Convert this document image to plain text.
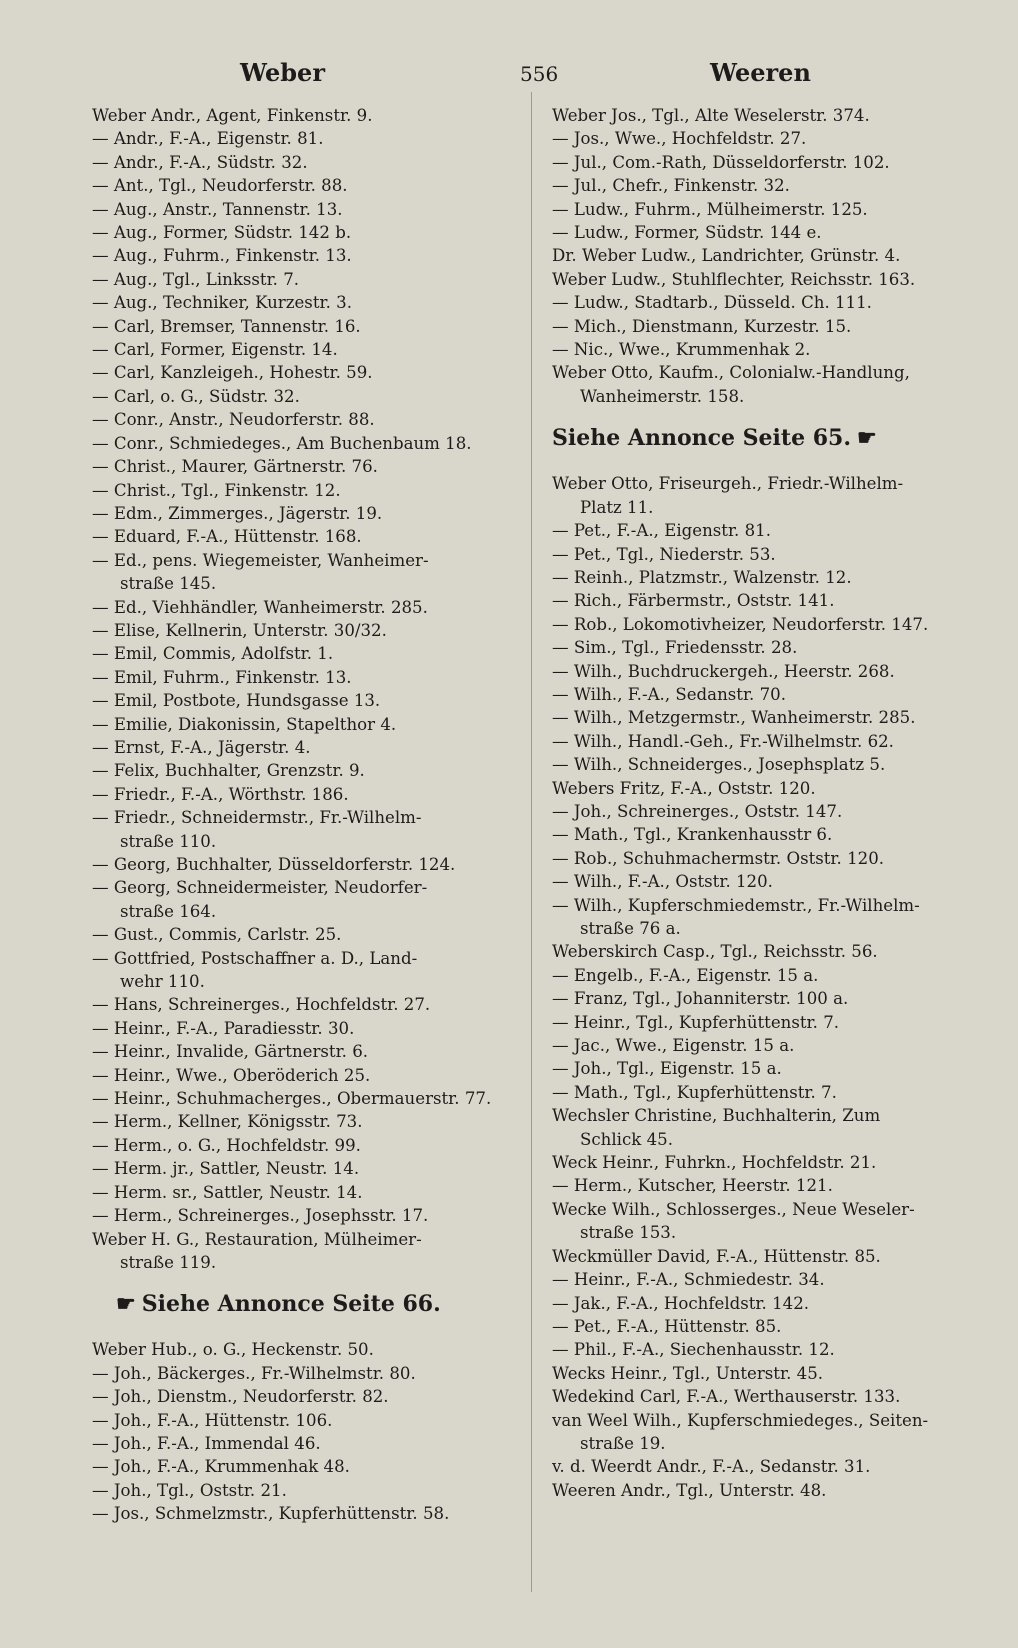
Weber	556	Weeren
Weber Andr., Agent, Finkenstr. 9.
— Andr., F.-A., Eigenstr. 81.
— Andr., F.-A., Südstr. 32.
— Ant., Tgl., Neudorferstr. 88.
— Aug., Anstr., Tannenstr. 13.
— Aug., Former, Südstr. 142 b.
— Aug., Fuhrm., Finkenstr. 13.
— Aug., Tgl., Linksstr. 7.
— Aug., Techniker, Kurzestr. 3.
— Carl, Bremser, Tannenstr. 16.
— Carl, Former, Eigenstr. 14.
— Carl, Kanzleigeh., Hohestr. 59.
— Carl, o. G., Südstr. 32.
— Conr., Anstr., Neudorferstr. 88.
— Conr., Schmiedeges., Am Buchenbaum 18.
— Christ., Maurer, Gärtnerstr. 76.
— Christ., Tgl., Finkenstr. 12.
— Edm., Zimmerges., Jägerstr. 19.
— Eduard, F.-A., Hüttenstr. 168.
— Ed., pens. Wiegemeister, Wanheimer-
straße 145.
— Ed., Viehhändler, Wanheimerstr. 285.
— Elise, Kellnerin, Unterstr. 30/32.
— Emil, Commis, Adolfstr. 1.
— Emil, Fuhrm., Finkenstr. 13.
— Emil, Postbote, Hundsgasse 13.
— Emilie, Diakonissin, Stapelthor 4.
— Ernst, F.-A., Jägerstr. 4.
— Felix, Buchhalter, Grenzstr. 9.
— Friedr., F.-A., Wörthstr. 186.
— Friedr., Schneidermstr., Fr.-Wilhelm-
straße 110.
— Georg, Buchhalter, Düsseldorferstr. 124.
— Georg, Schneidermeister, Neudorfer-
straße 164.
— Gust., Commis, Carlstr. 25.
— Gottfried, Postschaffner a. D., Land-
wehr 110.
— Hans, Schreinerges., Hochfeldstr. 27.
— Heinr., F.-A., Paradiesstr. 30.
— Heinr., Invalide, Gärtnerstr. 6.
— Heinr., Wwe., Oberöderich 25.
— Heinr., Schuhmacherges., Obermauerstr. 77.
— Herm., Kellner, Königsstr. 73.
— Herm., o. G., Hochfeldstr. 99.
— Herm. jr., Sattler, Neustr. 14.
— Herm. sr., Sattler, Neustr. 14.
— Herm., Schreinerges., Josephsstr. 17.
Weber H. G., Restauration, Mülheimer-
straße 119.
☛ Siehe Annonce Seite 66.
Weber Hub., o. G., Heckenstr. 50.
— Joh., Bäckerges., Fr.-Wilhelmstr. 80.
— Joh., Dienstm., Neudorferstr. 82.
— Joh., F.-A., Hüttenstr. 106.
— Joh., F.-A., Immendal 46.
— Joh., F.-A., Krummenhak 48.
— Joh., Tgl., Oststr. 21.
— Jos., Schmelzmstr., Kupferhüttenstr. 58.
Weber Jos., Tgl., Alte Weselerstr. 374.
— Jos., Wwe., Hochfeldstr. 27.
— Jul., Com.-Rath, Düsseldorferstr. 102.
— Jul., Chefr., Finkenstr. 32.
— Ludw., Fuhrm., Mülheimerstr. 125.
— Ludw., Former, Südstr. 144 e.
Dr. Weber Ludw., Landrichter, Grünstr. 4.
Weber Ludw., Stuhlflechter, Reichsstr. 163.
— Ludw., Stadtarb., Düsseld. Ch. 111.
— Mich., Dienstmann, Kurzestr. 15.
— Nic., Wwe., Krummenhak 2.
Weber Otto, Kaufm., Colonialw.-Handlung,
Wanheimerstr. 158.
Siehe Annonce Seite 65. ☛
Weber Otto, Friseurgeh., Friedr.-Wilhelm-
Platz 11.
— Pet., F.-A., Eigenstr. 81.
— Pet., Tgl., Niederstr. 53.
— Reinh., Platzmstr., Walzenstr. 12.
— Rich., Färbermstr., Oststr. 141.
— Rob., Lokomotivheizer, Neudorferstr. 147.
— Sim., Tgl., Friedensstr. 28.
— Wilh., Buchdruckergeh., Heerstr. 268.
— Wilh., F.-A., Sedanstr. 70.
— Wilh., Metzgermstr., Wanheimerstr. 285.
— Wilh., Handl.-Geh., Fr.-Wilhelmstr. 62.
— Wilh., Schneiderges., Josephsplatz 5.
Webers Fritz, F.-A., Oststr. 120.
— Joh., Schreinerges., Oststr. 147.
— Math., Tgl., Krankenhausstr 6.
— Rob., Schuhmachermstr. Oststr. 120.
— Wilh., F.-A., Oststr. 120.
— Wilh., Kupferschmiedemstr., Fr.-Wilhelm-
straße 76 a.
Weberskirch Casp., Tgl., Reichsstr. 56.
— Engelb., F.-A., Eigenstr. 15 a.
— Franz, Tgl., Johanniterstr. 100 a.
— Heinr., Tgl., Kupferhüttenstr. 7.
— Jac., Wwe., Eigenstr. 15 a.
— Joh., Tgl., Eigenstr. 15 a.
— Math., Tgl., Kupferhüttenstr. 7.
Wechsler Christine, Buchhalterin, Zum
Schlick 45.
Weck Heinr., Fuhrkn., Hochfeldstr. 21.
— Herm., Kutscher, Heerstr. 121.
Wecke Wilh., Schlosserges., Neue Weseler-
straße 153.
Weckmüller David, F.-A., Hüttenstr. 85.
— Heinr., F.-A., Schmiedestr. 34.
— Jak., F.-A., Hochfeldstr. 142.
— Pet., F.-A., Hüttenstr. 85.
— Phil., F.-A., Siechenhausstr. 12.
Wecks Heinr., Tgl., Unterstr. 45.
Wedekind Carl, F.-A., Werthauserstr. 133.
van Weel Wilh., Kupferschmiedeges., Seiten-
straße 19.
v. d. Weerdt Andr., F.-A., Sedanstr. 31.
Weeren Andr., Tgl., Unterstr. 48.
